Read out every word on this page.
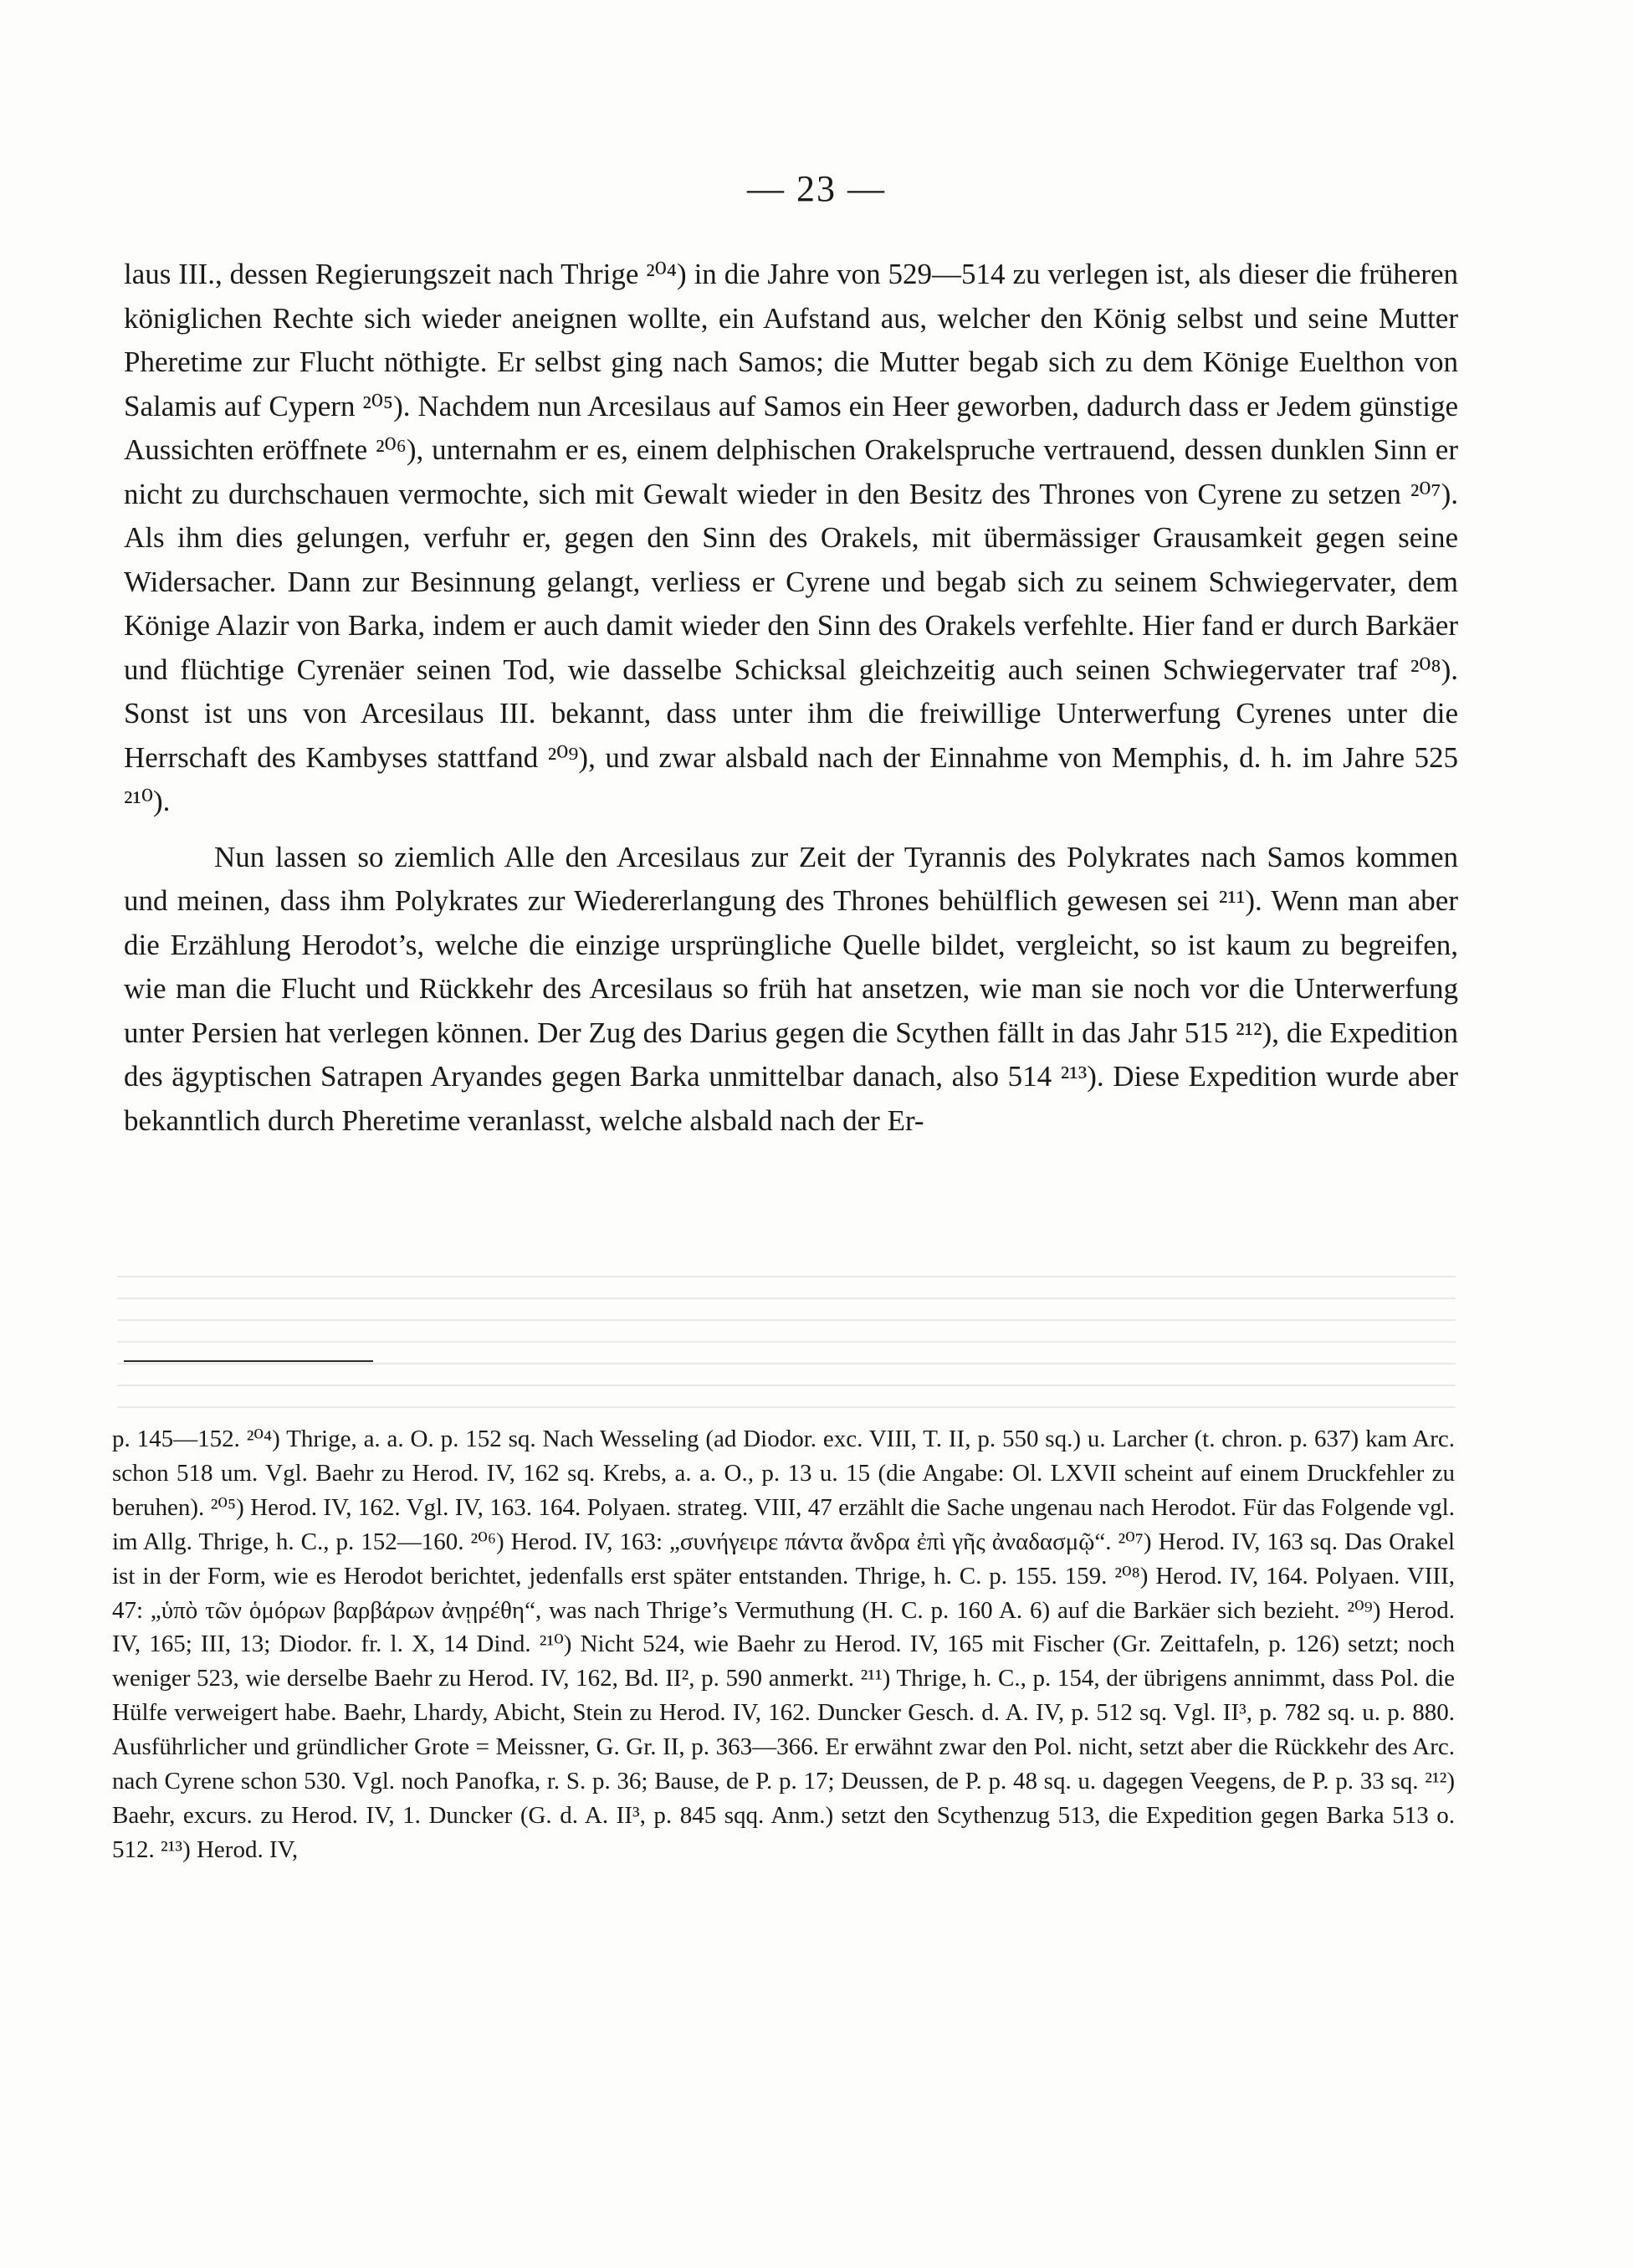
— 23 —

laus III., dessen Regierungszeit nach Thrige ²⁰⁴) in die Jahre von 529—514 zu verlegen ist, als dieser die früheren königlichen Rechte sich wieder aneignen wollte, ein Aufstand aus, welcher den König selbst und seine Mutter Pheretime zur Flucht nöthigte. Er selbst ging nach Samos; die Mutter begab sich zu dem Könige Euelthon von Salamis auf Cypern ²⁰⁵). Nachdem nun Arcesilaus auf Samos ein Heer geworben, dadurch dass er Jedem günstige Aussichten eröffnete ²⁰⁶), unternahm er es, einem delphischen Orakelspruche vertrauend, dessen dunklen Sinn er nicht zu durchschauen vermochte, sich mit Gewalt wieder in den Besitz des Thrones von Cyrene zu setzen ²⁰⁷). Als ihm dies gelungen, verfuhr er, gegen den Sinn des Orakels, mit übermässiger Grausamkeit gegen seine Widersacher. Dann zur Besinnung gelangt, verliess er Cyrene und begab sich zu seinem Schwiegervater, dem Könige Alazir von Barka, indem er auch damit wieder den Sinn des Orakels verfehlte. Hier fand er durch Barkäer und flüchtige Cyrenäer seinen Tod, wie dasselbe Schicksal gleichzeitig auch seinen Schwiegervater traf ²⁰⁸). Sonst ist uns von Arcesilaus III. bekannt, dass unter ihm die freiwillige Unterwerfung Cyrenes unter die Herrschaft des Kambyses stattfand ²⁰⁹), und zwar alsbald nach der Einnahme von Memphis, d. h. im Jahre 525 ²¹⁰).

Nun lassen so ziemlich Alle den Arcesilaus zur Zeit der Tyrannis des Polykrates nach Samos kommen und meinen, dass ihm Polykrates zur Wiedererlangung des Thrones behülflich gewesen sei ²¹¹). Wenn man aber die Erzählung Herodot’s, welche die einzige ursprüngliche Quelle bildet, vergleicht, so ist kaum zu begreifen, wie man die Flucht und Rückkehr des Arcesilaus so früh hat ansetzen, wie man sie noch vor die Unterwerfung unter Persien hat verlegen können. Der Zug des Darius gegen die Scythen fällt in das Jahr 515 ²¹²), die Expedition des ägyptischen Satrapen Aryandes gegen Barka unmittelbar danach, also 514 ²¹³). Diese Expedition wurde aber bekanntlich durch Pheretime veranlasst, welche alsbald nach der Er-

p. 145—152. ²⁰⁴) Thrige, a. a. O. p. 152 sq. Nach Wesseling (ad Diodor. exc. VIII, T. II, p. 550 sq.) u. Larcher (t. chron. p. 637) kam Arc. schon 518 um. Vgl. Baehr zu Herod. IV, 162 sq. Krebs, a. a. O., p. 13 u. 15 (die Angabe: Ol. LXVII scheint auf einem Druckfehler zu beruhen). ²⁰⁵) Herod. IV, 162. Vgl. IV, 163. 164. Polyaen. strateg. VIII, 47 erzählt die Sache ungenau nach Herodot. Für das Folgende vgl. im Allg. Thrige, h. C., p. 152—160. ²⁰⁶) Herod. IV, 163: „συνήγειρε πάντα ἄνδρα ἐπὶ γῆς ἀναδασμῷ“. ²⁰⁷) Herod. IV, 163 sq. Das Orakel ist in der Form, wie es Herodot berichtet, jedenfalls erst später entstanden. Thrige, h. C. p. 155. 159. ²⁰⁸) Herod. IV, 164. Polyaen. VIII, 47: „ὑπὸ τῶν ὁμόρων βαρβάρων ἀνῃρέθη“, was nach Thrige’s Vermuthung (H. C. p. 160 A. 6) auf die Barkäer sich bezieht. ²⁰⁹) Herod. IV, 165; III, 13; Diodor. fr. l. X, 14 Dind. ²¹⁰) Nicht 524, wie Baehr zu Herod. IV, 165 mit Fischer (Gr. Zeittafeln, p. 126) setzt; noch weniger 523, wie derselbe Baehr zu Herod. IV, 162, Bd. II², p. 590 anmerkt. ²¹¹) Thrige, h. C., p. 154, der übrigens annimmt, dass Pol. die Hülfe verweigert habe. Baehr, Lhardy, Abicht, Stein zu Herod. IV, 162. Duncker Gesch. d. A. IV, p. 512 sq. Vgl. II³, p. 782 sq. u. p. 880. Ausführlicher und gründlicher Grote = Meissner, G. Gr. II, p. 363—366. Er erwähnt zwar den Pol. nicht, setzt aber die Rückkehr des Arc. nach Cyrene schon 530. Vgl. noch Panofka, r. S. p. 36; Bause, de P. p. 17; Deussen, de P. p. 48 sq. u. dagegen Veegens, de P. p. 33 sq. ²¹²) Baehr, excurs. zu Herod. IV, 1. Duncker (G. d. A. II³, p. 845 sqq. Anm.) setzt den Scythenzug 513, die Expedition gegen Barka 513 o. 512. ²¹³) Herod. IV,
